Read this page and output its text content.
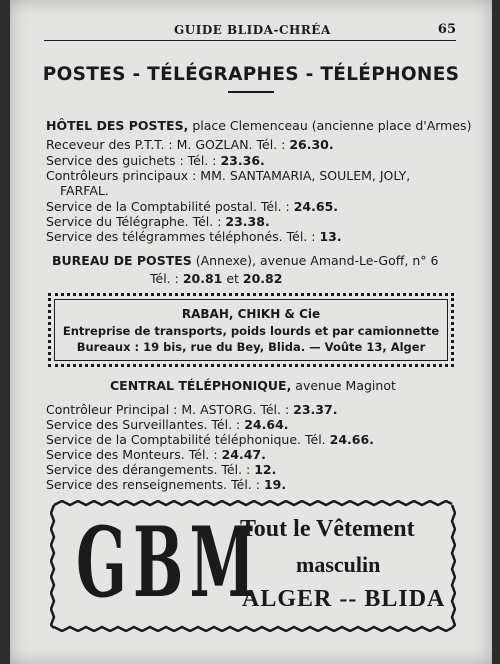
GUIDE BLIDA-CHRÉA	65
POSTES - TÉLÉGRAPHES - TÉLÉPHONES
HÔTEL DES POSTES, place Clemenceau (ancienne place d'Armes)
Receveur des P.T.T. : M. GOZLAN. Tél. : 26.30.
Service des guichets : Tél. : 23.36.
Contrôleurs principaux : MM. SANTAMARIA, SOULEM, JOLY,
FARFAL.
Service de la Comptabilité postal. Tél. : 24.65.
Service du Télégraphe. Tél. : 23.38.
Service des télégrammes téléphonés. Tél. : 13.
BUREAU DE POSTES (Annexe), avenue Amand-Le-Goff, n° 6
Tél. : 20.81 et 20.82
RABAH, CHIKH & Cie
Entreprise de transports, poids lourds et par camionnette
Bureaux : 19 bis, rue du Bey, Blida. — Voûte 13, Alger
CENTRAL TÉLÉPHONIQUE, avenue Maginot
Contrôleur Principal : M. ASTORG. Tél. : 23.37.
Service des Surveillantes. Tél. : 24.64.
Service de la Comptabilité téléphonique. Tél. 24.66.
Service des Monteurs. Tél. : 24.47.
Service des dérangements. Tél. : 12.
Service des renseignements. Tél. : 19.
GBM
Tout le Vêtement
masculin
ALGER -- BLIDA
